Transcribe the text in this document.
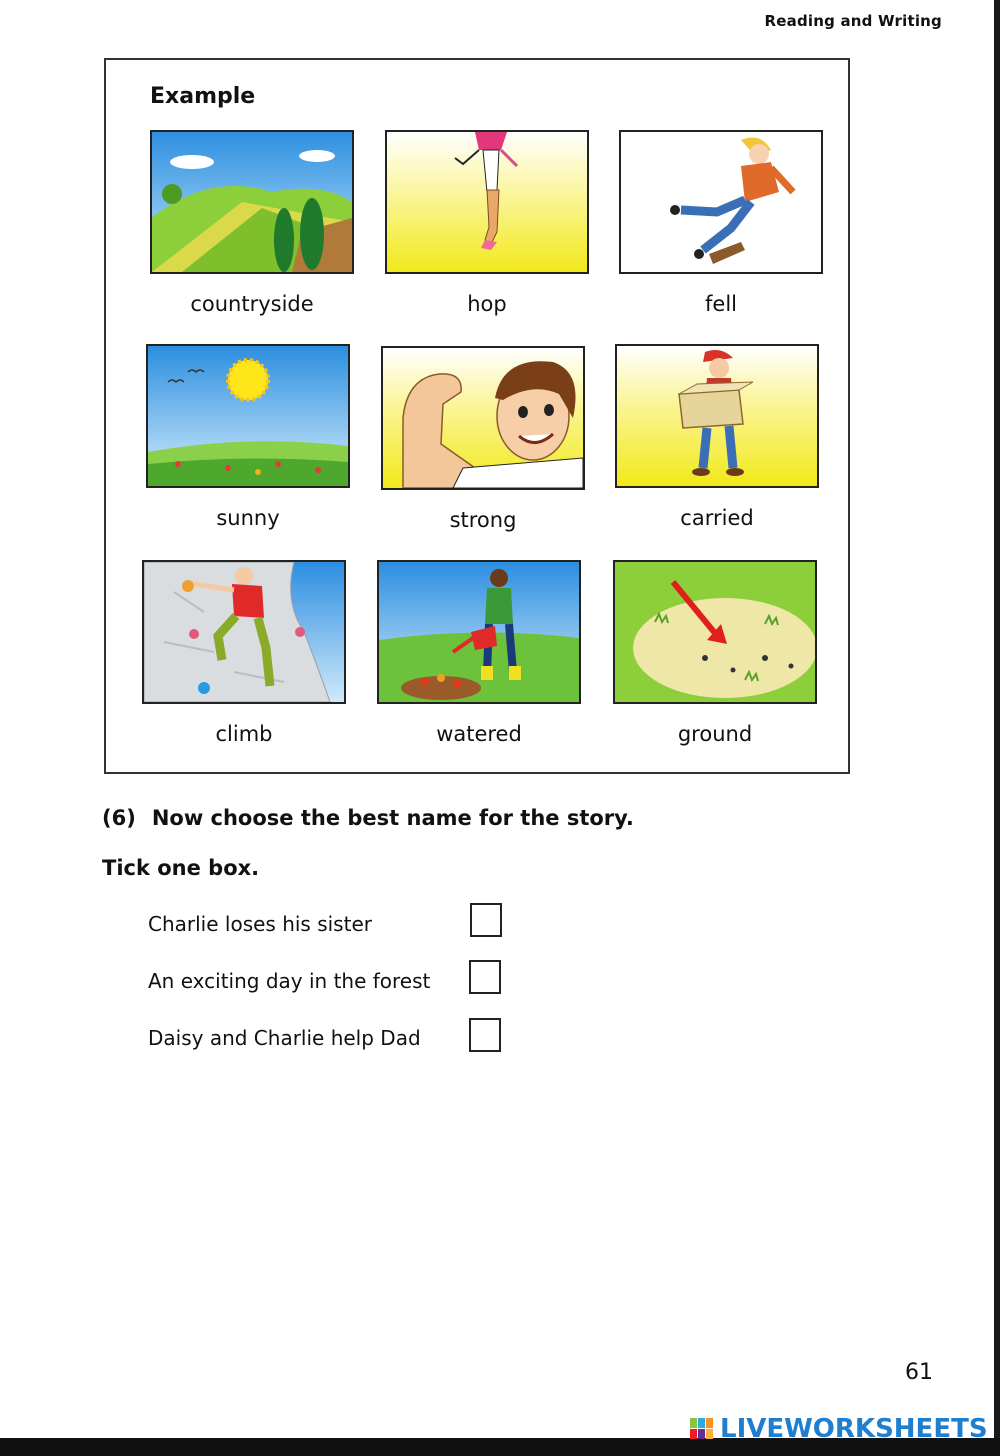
Reading and Writing
Example
countryside	hop	fell
sunny	strong	carried
climb	watered	ground
(6) Now choose the best name for the story.
Tick one box.
Charlie loses his sister
An exciting day in the forest
Daisy and Charlie help Dad
61
LIVEWORKSHEETS
